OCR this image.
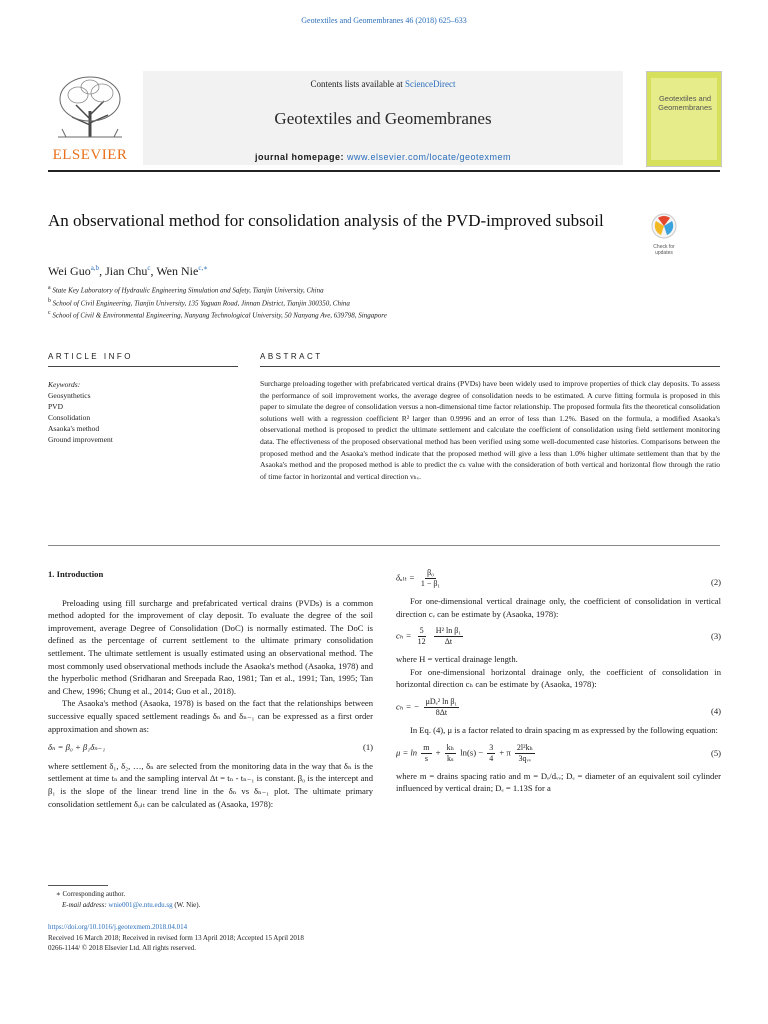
Geotextiles and Geomembranes 46 (2018) 625–633
ELSEVIER
Contents lists available at ScienceDirect
Geotextiles and Geomembranes
journal homepage: www.elsevier.com/locate/geotexmem
Geotextiles and Geomembranes
An observational method for consolidation analysis of the PVD-improved subsoil
Check for updates
Wei Guo$^{a,b}$, Jian Chu$^c$, Wen Nie$^{c,∗}$
$^a$ State Key Laboratory of Hydraulic Engineering Simulation and Safety, Tianjin University, China
$^b$ School of Civil Engineering, Tianjin University, 135 Yaguan Road, Jinnan District, Tianjin 300350, China
$^c$ School of Civil & Environmental Engineering, Nanyang Technological University, 50 Nanyang Ave, 639798, Singapore
ARTICLE INFO	ABSTRACT
Keywords:
Geosynthetics
PVD
Consolidation
Asaoka's method
Ground improvement
Surcharge preloading together with prefabricated vertical drains (PVDs) have been widely used to improve properties of thick clay deposits. To assess the performance of soil improvement works, the average degree of consolidation needs to be estimated. A curve fitting formula is proposed in this paper to simulate the degree of consolidation versus a non-dimensional time factor relationship. The proposed formula fits the theoretical consolidation solutions well with a regression coefficient R² larger than 0.9996 and an error of less than 1.2%. Based on the formula, a modified Asaoka's observational method is proposed to predict the ultimate settlement and calculate the coefficient of consolidation using field settlement monitoring data. The effectiveness of the proposed observational method has been verified using some well-documented case histories. Comparisons between the proposed method and the Asaoka's method indicate that the proposed method will give a less than 1.0% higher ultimate settlement than that by the Asaoka's method and the proposed method is able to predict the cₕ value with the consideration of both vertical and horizontal flow through the ratio of time factor in horizontal and vertical direction νₕᵥ.
1. Introduction

Preloading using fill surcharge and prefabricated vertical drains (PVDs) is a common method adopted for the improvement of clay deposit. To evaluate the degree of the soil improvement, average Degree of Consolidation (DoC) is normally estimated. The DoC is defined as the percentage of current settlement to the ultimate primary consolidation settlement. The ultimate settlement is usually estimated using an observational method. The most commonly used observational methods include the Asaoka's method (Asaoka, 1978) and the hyperbolic method (Sridharan and Sreepada Rao, 1981; Tan et al., 1991; Tan, 1995; Tan and Chew, 1996; Chung et al., 2014; Guo et al., 2018).

The Asaoka's method (Asaoka, 1978) is based on the fact that the relationships between successive equally spaced settlement readings δₙ and δₙ₋₁ can be expressed as a first order approximation and shown as:

δₙ = β₀ + β₁δₙ₋₁	(1)

where settlement δ₁, δ₂, …, δₙ are selected from the monitoring data in the way that δₙ is the settlement at time tₙ and the sampling interval Δt = tₙ - tₙ₋₁ is constant. β₀ is the intercept and β₁ is the slope of the linear trend line in the δₙ vs δₙ₋₁ plot. The ultimate primary consolidation settlement δᵤₗₜ can be calculated as (Asaoka, 1978):

δᵤₗₜ = $\frac{\text{β₀}}{\text{1 − β₁}}$	(2)

For one-dimensional vertical drainage only, the coefficient of consolidation in vertical direction cᵥ can be estimate by (Asaoka, 1978):

$c_h = \frac{5}{12}$
$\frac{\text{H² ln β₁}}{\Delta t}$	(3)

where H = vertical drainage length.

For one-dimensional horizontal drainage only, the coefficient of consolidation in horizontal direction cₕ can be estimate by (Asaoka, 1978):

cₕ = − $\frac{\text{μDₑ² ln β₁}}{8\Delta t}$	(4)

In Eq. (4), μ is a factor related to drain spacing m as expressed by the following equation:

$\mu = \ln \frac{m}{s} + \frac{\text{kₕ}}{\text{kₛ}} \ln(s) - \frac{3}{4} + \pi \frac{\text{2l²kₕ}}{\text{3qᵥᵥ}}$	(5)

where m = drains spacing ratio and m = Dₑ/dᵥᵥ; Dₑ = diameter of an equivalent soil cylinder influenced by vertical drain; Dₑ = 1.13S for a

∗ Corresponding author.
E-mail address: wnie001@e.ntu.edu.sg (W. Nie).
https://doi.org/10.1016/j.geotexmem.2018.04.014
Received 16 March 2018; Received in revised form 13 April 2018; Accepted 15 April 2018
0266-1144/ © 2018 Elsevier Ltd. All rights reserved.
